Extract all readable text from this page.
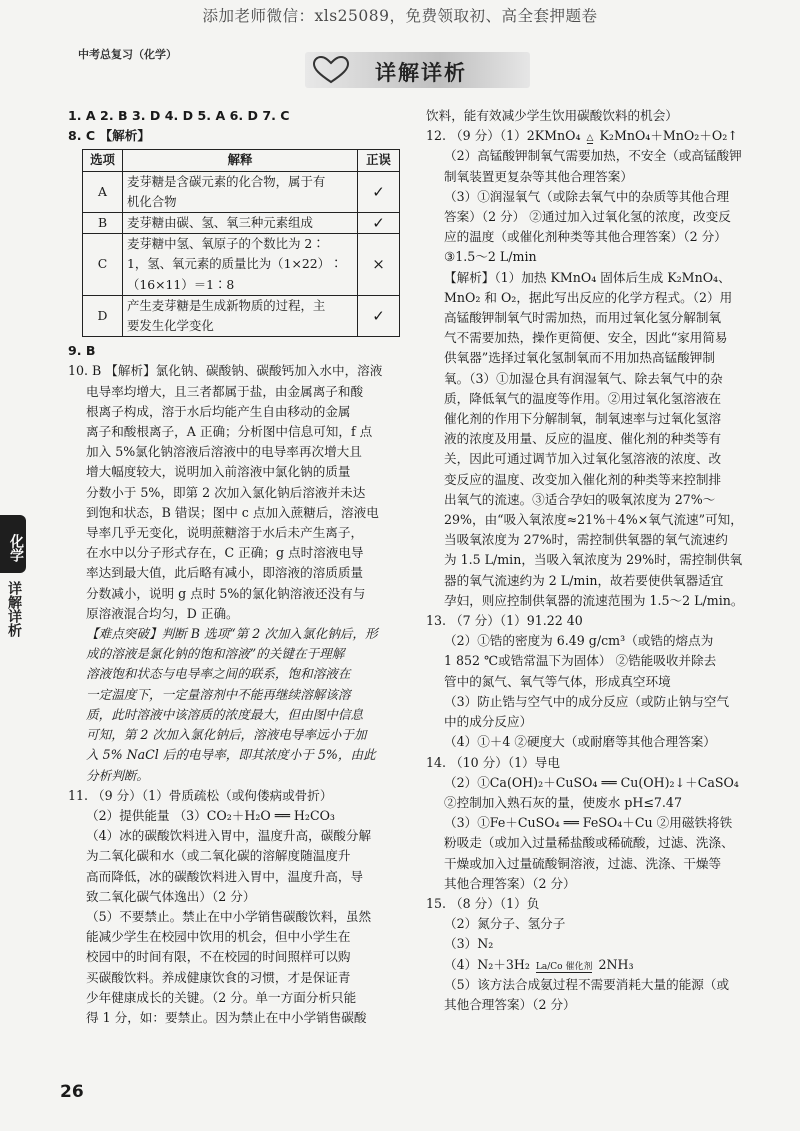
添加老师微信：xls25089，免费领取初、高全套押题卷
中考总复习（化学）
详解详析
化学
详解详析
1. A 2. B 3. D 4. D 5. A 6. D 7. C
8. C 【解析】
选项	解释	正误
A	麦芽糖是含碳元素的化合物，属于有
机化合物	✓
B	麦芽糖由碳、氢、氧三种元素组成	✓
C	麦芽糖中氢、氧原子的个数比为 2∶
1，氢、氧元素的质量比为（1×22）∶
（16×11）＝1∶8	×
D	产生麦芽糖是生成新物质的过程，主
要发生化学变化	✓
9. B
10. B 【解析】氯化钠、碳酸钠、碳酸钙加入水中，溶液
电导率均增大，且三者都属于盐，由金属离子和酸
根离子构成，溶于水后均能产生自由移动的金属
离子和酸根离子，A 正确；分析图中信息可知，f 点
加入 5%氯化钠溶液后溶液中的电导率再次增大且
增大幅度较大，说明加入前溶液中氯化钠的质量
分数小于 5%，即第 2 次加入氯化钠后溶液并未达
到饱和状态，B 错误；图中 c 点加入蔗糖后，溶液电
导率几乎无变化，说明蔗糖溶于水后未产生离子，
在水中以分子形式存在，C 正确；g 点时溶液电导
率达到最大值，此后略有减小，即溶液的溶质质量
分数减小，说明 g 点时 5%的氯化钠溶液还没有与
原溶液混合均匀，D 正确。
【难点突破】判断 B 选项“第 2 次加入氯化钠后，形
成的溶液是氯化钠的饱和溶液”的关键在于理解
溶液饱和状态与电导率之间的联系，饱和溶液在
一定温度下，一定量溶剂中不能再继续溶解该溶
质，此时溶液中该溶质的浓度最大，但由图中信息
可知，第 2 次加入氯化钠后，溶液电导率远小于加
入 5% NaCl 后的电导率，即其浓度小于 5%，由此
分析判断。
11. （9 分）（1）骨质疏松（或佝偻病或骨折）
（2）提供能量 （3）CO₂＋H₂O ══ H₂CO₃
（4）冰的碳酸饮料进入胃中，温度升高，碳酸分解
为二氧化碳和水（或二氧化碳的溶解度随温度升
高而降低，冰的碳酸饮料进入胃中，温度升高，导
致二氧化碳气体逸出）（2 分）
（5）不要禁止。禁止在中小学销售碳酸饮料，虽然
能减少学生在校园中饮用的机会，但中小学生在
校园中的时间有限，不在校园的时间照样可以购
买碳酸饮料。养成健康饮食的习惯，才是保证青
少年健康成长的关键。（2 分。单一方面分析只能
得 1 分，如：要禁止。因为禁止在中小学销售碳酸
饮料，能有效减少学生饮用碳酸饮料的机会）
12. （9 分）（1）2KMnO₄ △ K₂MnO₄＋MnO₂＋O₂↑
（2）高锰酸钾制氧气需要加热，不安全（或高锰酸钾
制氧装置更复杂等其他合理答案）
（3）①润湿氧气（或除去氧气中的杂质等其他合理
答案）（2 分） ②通过加入过氧化氢的浓度，改变反
应的温度（或催化剂种类等其他合理答案）（2 分）
③1.5～2 L/min
【解析】（1）加热 KMnO₄ 固体后生成 K₂MnO₄、
MnO₂ 和 O₂，据此写出反应的化学方程式。（2）用
高锰酸钾制氧气时需加热，而用过氧化氢分解制氧
气不需要加热，操作更简便、安全，因此“家用简易
供氧器”选择过氧化氢制氧而不用加热高锰酸钾制
氧。（3）①加湿仓具有润湿氧气、除去氧气中的杂
质，降低氧气的温度等作用。②用过氧化氢溶液在
催化剂的作用下分解制氧，制氧速率与过氧化氢溶
液的浓度及用量、反应的温度、催化剂的种类等有
关，因此可通过调节加入过氧化氢溶液的浓度、改
变反应的温度、改变加入催化剂的种类等来控制排
出氧气的流速。③适合孕妇的吸氧浓度为 27%～
29%，由“吸入氧浓度≈21%＋4%×氧气流速”可知，
当吸氧浓度为 27%时，需控制供氧器的氧气流速约
为 1.5 L/min，当吸入氧浓度为 29%时，需控制供氧
器的氧气流速约为 2 L/min，故若要使供氧器适宜
孕妇，则应控制供氧器的流速范围为 1.5～2 L/min。
13. （7 分）（1）91.22 40
（2）①锆的密度为 6.49 g/cm³（或锆的熔点为
1 852 ℃或锆常温下为固体） ②锆能吸收并除去
管中的氮气、氧气等气体，形成真空环境
（3）防止锆与空气中的成分反应（或防止钠与空气
中的成分反应）
（4）①＋4 ②硬度大（或耐磨等其他合理答案）
14. （10 分）（1）导电
（2）①Ca(OH)₂＋CuSO₄ ══ Cu(OH)₂↓＋CaSO₄
②控制加入熟石灰的量，使废水 pH≤7.47
（3）①Fe＋CuSO₄ ══ FeSO₄＋Cu ②用磁铁将铁
粉吸走（或加入过量稀盐酸或稀硫酸，过滤、洗涤、
干燥或加入过量硫酸铜溶液，过滤、洗涤、干燥等
其他合理答案）（2 分）
15. （8 分）（1）负
（2）氮分子、氢分子
（3）N₂
（4）N₂＋3H₂ La/Co 催化剂 2NH₃
（5）该方法合成氨过程不需要消耗大量的能源（或
其他合理答案）（2 分）
26
